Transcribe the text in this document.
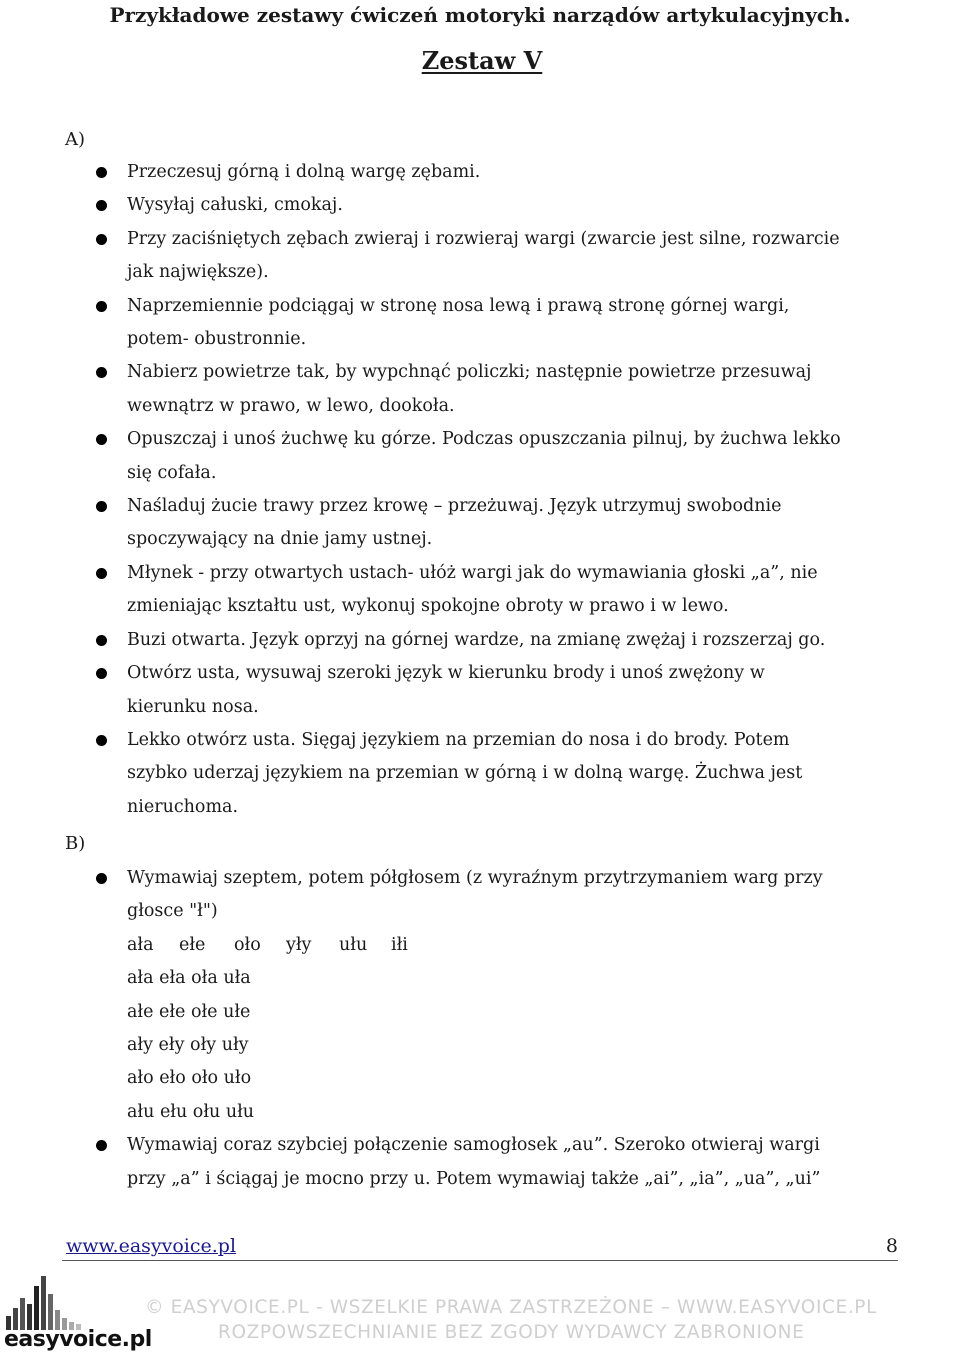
Przykładowe zestawy ćwiczeń motoryki narządów artykulacyjnych.
Zestaw V
A)
Przeczesuj górną i dolną wargę zębami.
Wysyłaj całuski, cmokaj.
Przy zaciśniętych zębach zwieraj i rozwieraj wargi (zwarcie jest silne, rozwarcie
jak największe).
Naprzemiennie podciągaj w stronę nosa lewą i prawą stronę górnej wargi,
potem- obustronnie.
Nabierz powietrze tak, by wypchnąć policzki; następnie powietrze przesuwaj
wewnątrz w prawo, w lewo, dookoła.
Opuszczaj i unoś żuchwę ku górze. Podczas opuszczania pilnuj, by żuchwa lekko
się cofała.
Naśladuj żucie trawy przez krowę – przeżuwaj. Język utrzymuj swobodnie
spoczywający na dnie jamy ustnej.
Młynek - przy otwartych ustach- ułóż wargi jak do wymawiania głoski „a”, nie
zmieniając kształtu ust, wykonuj spokojne obroty w prawo i w lewo.
Buzi otwarta. Język oprzyj na górnej wardze, na zmianę zwężaj i rozszerzaj go.
Otwórz usta, wysuwaj szeroki język w kierunku brody i unoś zwężony w
kierunku nosa.
Lekko otwórz usta. Sięgaj językiem na przemian do nosa i do brody. Potem
szybko uderzaj językiem na przemian w górną i w dolną wargę. Żuchwa jest
nieruchoma.
B)
Wymawiaj szeptem, potem półgłosem (z wyraźnym przytrzymaniem warg przy
głosce "ł")
ała ełe oło yły ułu iłi
ała eła oła uła
ałe ełe ołe ułe
ały eły oły uły
ało eło oło uło
ału ełu ołu ułu
Wymawiaj coraz szybciej połączenie samogłosek „au”. Szeroko otwieraj wargi
przy „a” i ściągaj je mocno przy u. Potem wymawiaj także „ai”, „ia”, „ua”, „ui”
www.easyvoice.pl	8
easyvoice.pl
© EASYVOICE.PL - WSZELKIE PRAWA ZASTRZEŻONE – WWW.EASYVOICE.PL
ROZPOWSZECHNIANIE BEZ ZGODY WYDAWCY ZABRONIONE
